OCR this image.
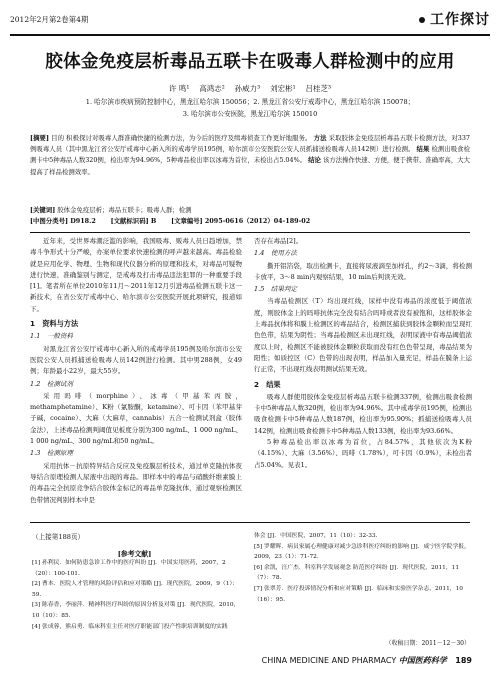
2012年2月第2卷第4期	工作探讨
胶体金免疫层析毒品五联卡在吸毒人群检测中的应用
许 鸣¹　 高鸿志²　 孙威力³　 刘宏彬¹　 吕桂芝³
1. 哈尔滨市疾病预防控制中心，黑龙江哈尔滨 150056；2. 黑龙江省公安厅戒毒中心，黑龙江哈尔滨 150078；
3. 哈尔滨市公安医院，黑龙江哈尔滨 150010
[摘要] 目的 积极探讨对吸毒人群准确快捷的检测方法，为今后的医疗及缉毒侦查工作更好地服务。 方法 采取胶体金免疫层析毒品五联卡检测方法，对337例吸毒人员（其中黑龙江省公安厅戒毒中心新入所的戒毒学员195例，哈尔滨市公安医院公安人员抓捕送检吸毒人员142例）进行检测。 结果 检测出吸食检测卡中5种毒品人数320例，检出率为94.96%，5种毒品检出率以冰毒为首位，未检出占5.04%。 结论 该方法操作快速、方便，便于携带、准确率高，大大提高了样品检测效率。
[关键词] 胶体金免疫层析；毒品五联卡；吸毒人群；检测
[中图分类号] D918.2　　 [文献标识码] B　　 [文章编号] 2095-0616（2012）04-189-02

近年来，受世界毒潮泛滥的影响，我国吸毒、贩毒人员日趋增加，禁毒斗争形式十分严峻，办案单位要求快速检测的呼声越来越高。毒品检验就是应用化学、物理、生物和现代仪器分析的原理和技术，对毒品可疑物进行快速、准确鉴别与测定，是戒毒及打击毒品违法犯罪的一种重要手段[1]。笔者所在单位2010年11月～2011年12月引进毒品检测五联卡这一新技术，在省公安厅戒毒中心、哈尔滨市公安医院开展此项研究，报道如下。

1　资料与方法

1.1　一般资料

对黑龙江省公安厅戒毒中心新入所的戒毒学员195例及哈尔滨市公安医院公安人员抓捕送检吸毒人员142例进行检测。其中男288例，女49例；年龄最小22岁，最大55岁。

1.2　检测试剂

采用吗啡（morphine）、冰毒（甲基苯丙胺，methamphetamine）、K粉（氯胺酮，ketamine）、可卡因（苯甲基芽子碱，cocaine）、大麻（大麻草，cannabis）五合一检测试剂盒（胶体金法），上述毒品检测判阈值见板度分别为300 ng/mL、1 000 ng/mL、1 000 ng/mL、300 ng/mL和50 ng/mL。

1.3　检测原理

采用抗体－抗原特异结合反应及免疫膜层析技术，通过单克隆抗体夜导结合原理检测人尿液中出现的毒品。即样本中的毒品与硝酸纤维素膜上的毒品完全抗原竞争结合胶体金标记的毒品单克隆抗体，通过观察检测区色带情况判别样本中是

否存在毒品[2]。

1.4　使用方法

撕开铝箔袋，取出检测卡，直接将尿液滴至加样孔，约2～3滴，将检测卡放平，3～8 min内观察结果，10 min后判读无效。

1.5　结果判定

当毒品检测区（T）均出现红线，尿样中没有毒品的浓度低于阈值浓度，则胶体金上的吗啡抗体完全没有结合吗啡或者没有被饱和，这样胶体金上毒品抗体将和膜上检测区的毒品结合，检测区捕获到胶体金颗粒而呈现红色色带，结果为阴性；当毒品检测区未出现红线，表明尿液中有毒品阈值浓度以上时，检测区不能被胶体金颗粒获取而没有红色色带呈现，毒品结果为阳性；如质控区（C）色带的出现表明，样品加入量充足，样品在膜条上运行正常，不出现红线表明测试结果无效。

2　结果

吸毒人群使用胶体金免疫层析毒品五联卡检测337例，检测出吸食检测卡中5种毒品人数320例，检出率为94.96%。其中戒毒学员195例，检测出吸食检测卡中5种毒品人数187例，检出率为95.90%；抓捕送检吸毒人员142例，检测出吸食检测卡中5种毒品人数133例，检出率为93.66%。

5种毒品检出率以冰毒为首位，占84.57%，其他依次为K粉（4.15%）、大麻（3.56%）、吗啡（1.78%），可卡因（0.9%），未检出者占5.04%。见表1。

（上接第188页）
[参考文献]
[1] 孙利民．如何防患急诊工作中的医疗纠纷 [J]．中国实用医药，2007，2（20）：100-101.
[2] 曹本．医院人才管理的风险评估和应对策略 [J]．现代医院，2009，9（1）：59.
[3] 陈春香，李丽萍．精神科医疗纠纷的原因分析及对策 [J]．现代医院，2010，10（10）：85.
[4] 张成蓉，熊启勇．临床科室主任对医疗职能部门投产性职培训制度的实践
体会 [J]．中国医院，2007，11（10）：32-33.
[5] 罗耀晖．病员家属心理健康对减少急诊科医疗纠纷的影响 [J]．咸宁医学院学报，2009，23（1）：71-72.
[6] 余凯，汪广杰．科室科学发展观念 防范医疗纠纷 [J]．现代医院，2011，11（7）：78.
[7] 张翠芳．医疗投诉情况分析和应对策略 [J]．临床和实验医学杂志，2011，10（16）：95.
（收稿日期：2011－12－30）
CHINA MEDICINE AND PHARMACY 中国医药科学 189
